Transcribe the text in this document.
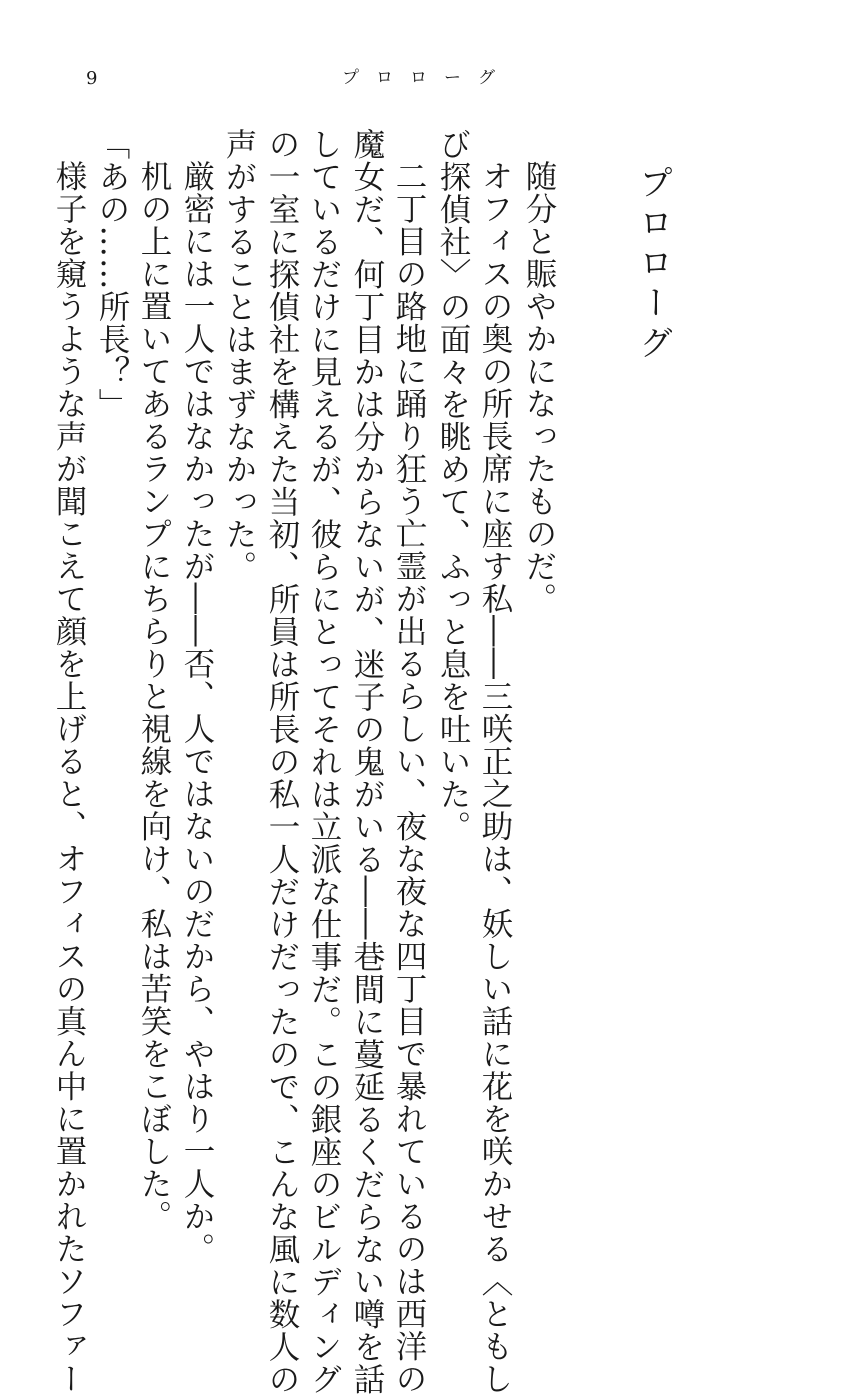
9	プロローグ
プロローグ
随分と賑やかになったものだ。
オフィスの奥の所長席に座す私――三咲正之助は、妖しい話に花を咲かせる〈ともし
び探偵社〉の面々を眺めて、ふっと息を吐いた。
二丁目の路地に踊り狂う亡霊が出るらしい、夜な夜な四丁目で暴れているのは西洋の
魔女だ、何丁目かは分からないが、迷子の鬼がいる――巷間に蔓延るくだらない噂を話
しているだけに見えるが、彼らにとってそれは立派な仕事だ。この銀座のビルディング
の一室に探偵社を構えた当初、所員は所長の私一人だけだったので、こんな風に数人の
声がすることはまずなかった。
厳密には一人ではなかったが――否、人ではないのだから、やはり一人か。
机の上に置いてあるランプにちらりと視線を向け、私は苦笑をこぼした。
「あの……所長？」
様子を窺うような声が聞こえて顔を上げると、オフィスの真ん中に置かれたソファー
